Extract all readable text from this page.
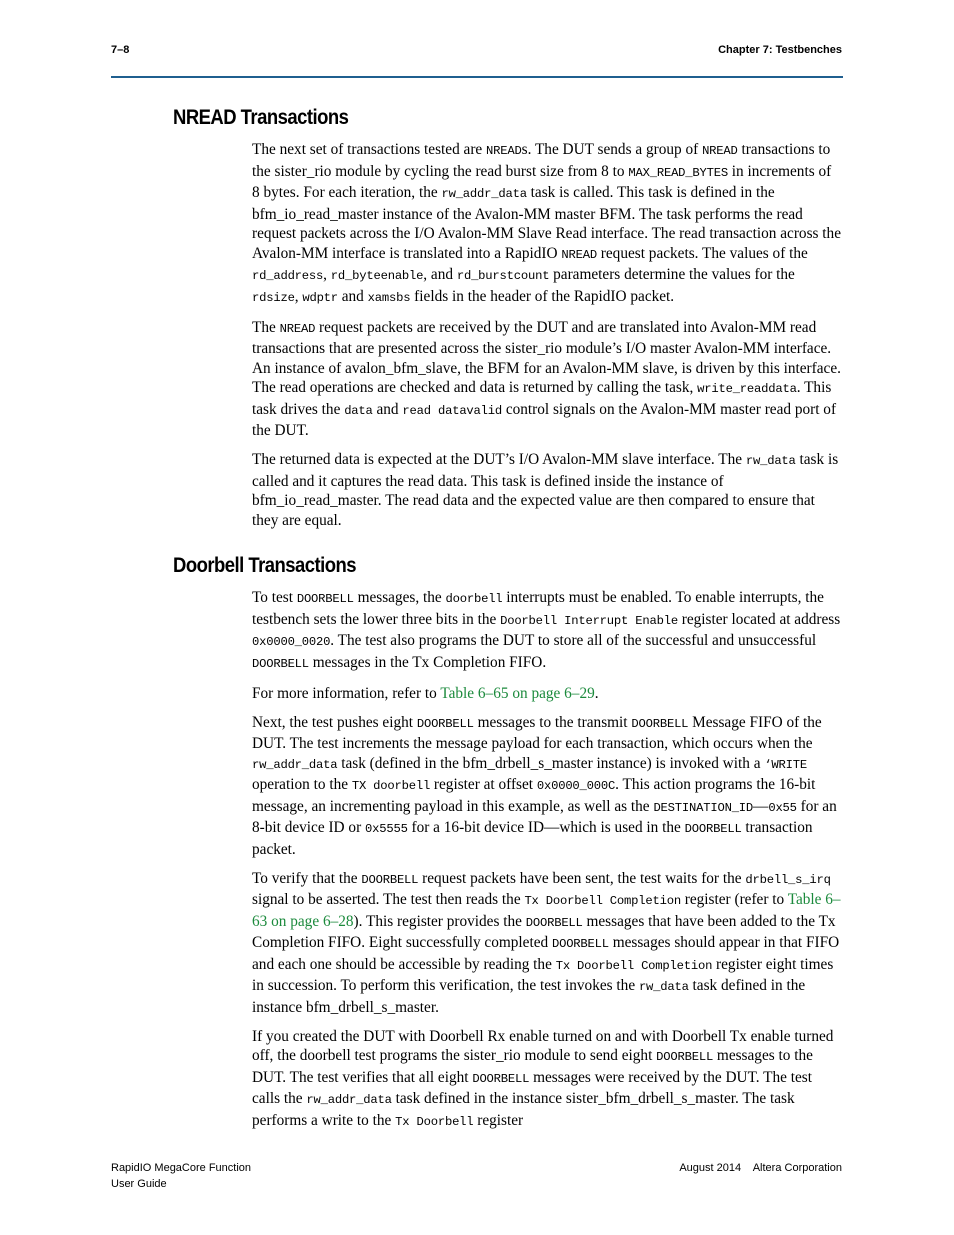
7–8	Chapter 7: Testbenches
NREAD Transactions

The next set of transactions tested are NREADs. The DUT sends a group of NREAD transactions to the sister_rio module by cycling the read burst size from 8 to MAX_READ_BYTES in increments of 8 bytes. For each iteration, the rw_addr_data task is called. This task is defined in the bfm_io_read_master instance of the Avalon-MM master BFM. The task performs the read request packets across the I/O Avalon-MM Slave Read interface. The read transaction across the Avalon-MM interface is translated into a RapidIO NREAD request packets. The values of the rd_address, rd_byteenable, and rd_burstcount parameters determine the values for the rdsize, wdptr and xamsbs fields in the header of the RapidIO packet.

The NREAD request packets are received by the DUT and are translated into Avalon-MM read transactions that are presented across the sister_rio module’s I/O master Avalon-MM interface. An instance of avalon_bfm_slave, the BFM for an Avalon-MM slave, is driven by this interface. The read operations are checked and data is returned by calling the task, write_readdata. This task drives the data and read datavalid control signals on the Avalon-MM master read port of the DUT.

The returned data is expected at the DUT’s I/O Avalon-MM slave interface. The rw_data task is called and it captures the read data. This task is defined inside the instance of bfm_io_read_master. The read data and the expected value are then compared to ensure that they are equal.

Doorbell Transactions

To test DOORBELL messages, the doorbell interrupts must be enabled. To enable interrupts, the testbench sets the lower three bits in the Doorbell Interrupt Enable register located at address 0x0000_0020. The test also programs the DUT to store all of the successful and unsuccessful DOORBELL messages in the Tx Completion FIFO.

For more information, refer to Table 6–65 on page 6–29.

Next, the test pushes eight DOORBELL messages to the transmit DOORBELL Message FIFO of the DUT. The test increments the message payload for each transaction, which occurs when the rw_addr_data task (defined in the bfm_drbell_s_master instance) is invoked with a ‘WRITE operation to the TX doorbell register at offset 0x0000_000C. This action programs the 16-bit message, an incrementing payload in this example, as well as the DESTINATION_ID—0x55 for an 8-bit device ID or 0x5555 for a 16-bit device ID—which is used in the DOORBELL transaction packet.

To verify that the DOORBELL request packets have been sent, the test waits for the drbell_s_irq signal to be asserted. The test then reads the Tx Doorbell Completion register (refer to Table 6–63 on page 6–28). This register provides the DOORBELL messages that have been added to the Tx Completion FIFO. Eight successfully completed DOORBELL messages should appear in that FIFO and each one should be accessible by reading the Tx Doorbell Completion register eight times in succession. To perform this verification, the test invokes the rw_data task defined in the instance bfm_drbell_s_master.

If you created the DUT with Doorbell Rx enable turned on and with Doorbell Tx enable turned off, the doorbell test programs the sister_rio module to send eight DOORBELL messages to the DUT. The test verifies that all eight DOORBELL messages were received by the DUT. The test calls the rw_addr_data task defined in the instance sister_bfm_drbell_s_master. The task performs a write to the Tx Doorbell register

RapidIO MegaCore Function
User Guide
August 2014    Altera Corporation
